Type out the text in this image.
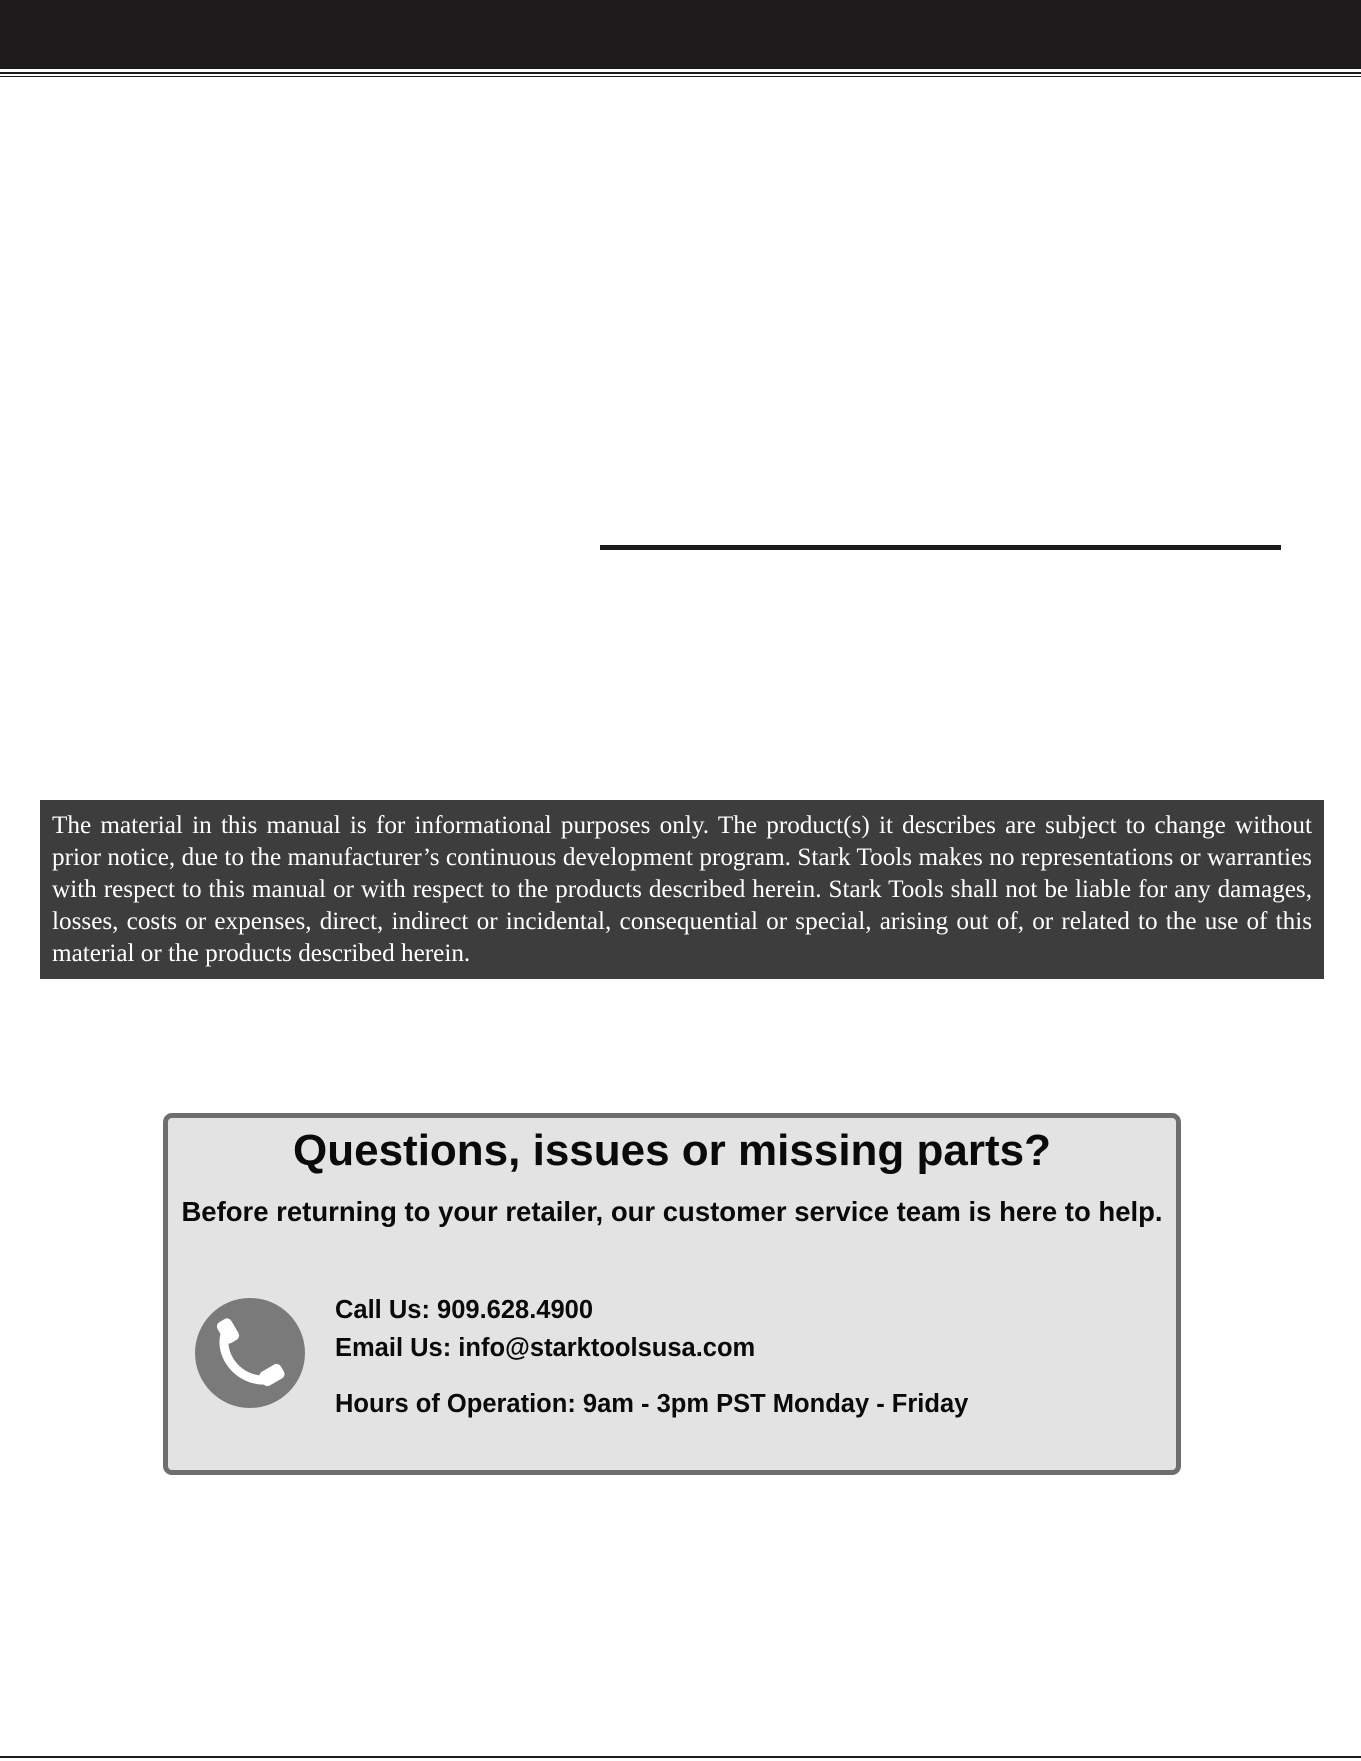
The material in this manual is for informational purposes only. The product(s) it describes are subject to change without prior notice, due to the manufacturer’s continuous development program. Stark Tools makes no representations or warranties with respect to this manual or with respect to the products described herein. Stark Tools shall not be liable for any damages, losses, costs or expenses, direct, indirect or incidental, consequential or special, arising out of, or related to the use of this material or the products described herein.
Questions, issues or missing parts?
Before returning to your retailer, our customer service team is here to help.
Call Us: 909.628.4900
Email Us: info@starktoolsusa.com
Hours of Operation: 9am - 3pm PST Monday - Friday
